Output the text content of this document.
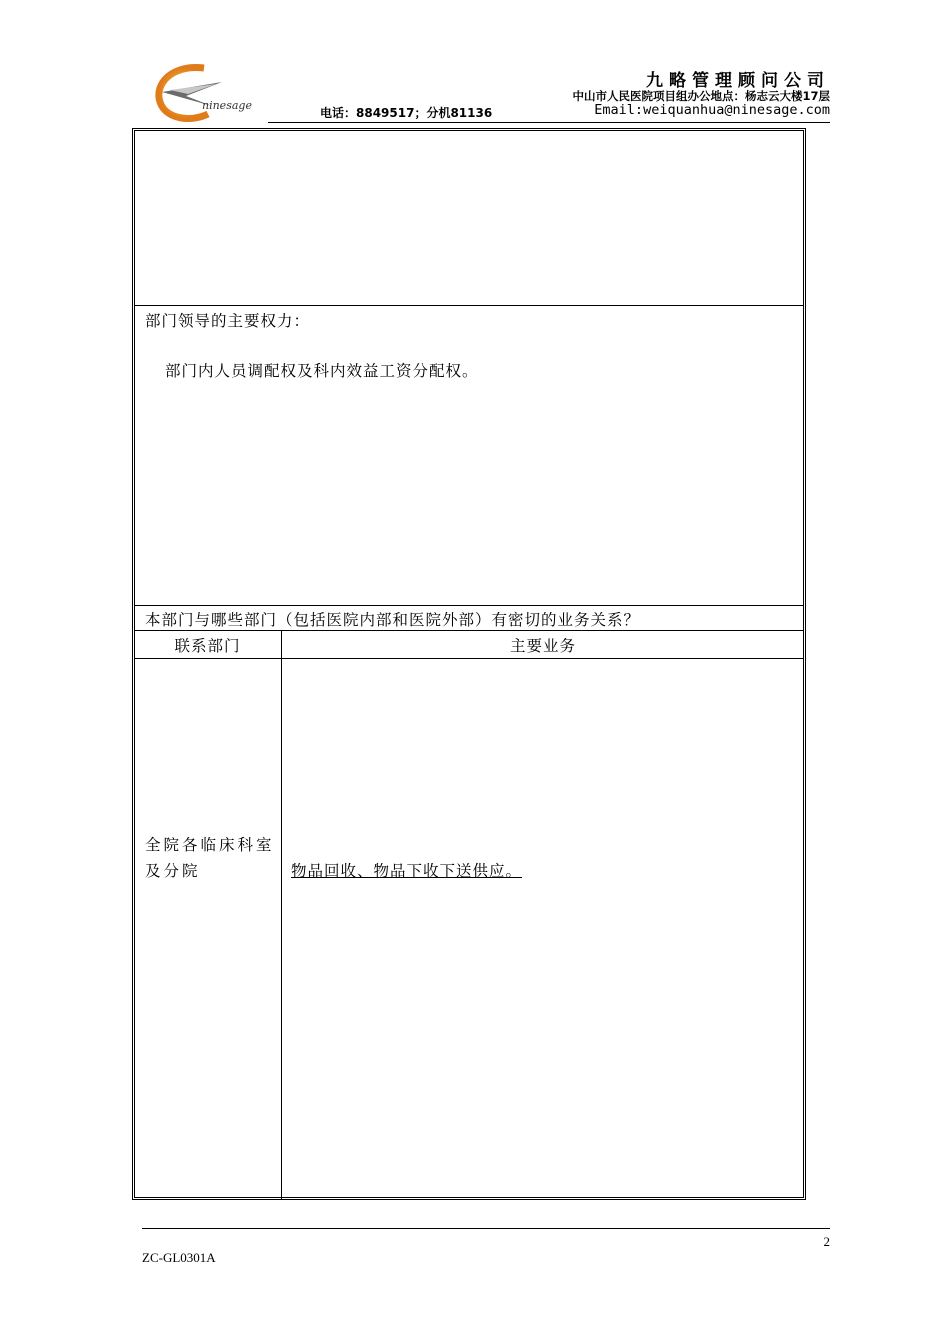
ninesage
九略管理顾问公司
中山市人民医院项目组办公地点：杨志云大楼17层
电话：8849517；分机81136	Email:weiquanhua@ninesage.com
部门领导的主要权力：
部门内人员调配权及科内效益工资分配权。
本部门与哪些部门（包括医院内部和医院外部）有密切的业务关系？
联系部门	主要业务
全院各临床科室及分院	物品回收、物品下收下送供应。
2
ZC-GL0301A
